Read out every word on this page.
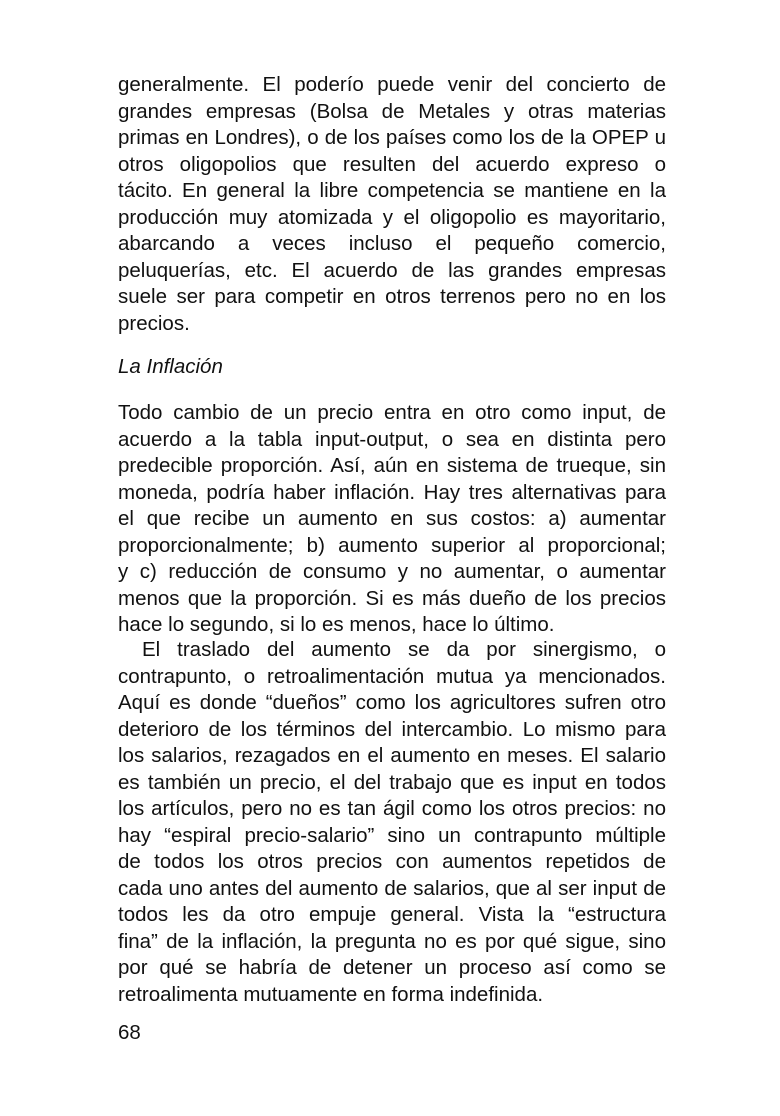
generalmente. El poderío puede venir del concierto de
grandes empresas (Bolsa de Metales y otras materias
primas en Londres), o de los países como los de la OPEP u
otros oligopolios que resulten del acuerdo expreso o
tácito. En general la libre competencia se mantiene en la
producción muy atomizada y el oligopolio es mayoritario,
abarcando a veces incluso el pequeño comercio,
peluquerías, etc. El acuerdo de las grandes empresas
suele ser para competir en otros terrenos pero no en los
precios.
La Inflación
Todo cambio de un precio entra en otro como input, de
acuerdo a la tabla input-output, o sea en distinta pero
predecible proporción. Así, aún en sistema de trueque, sin
moneda, podría haber inflación. Hay tres alternativas para
el que recibe un aumento en sus costos: a) aumentar
proporcionalmente; b) aumento superior al proporcional;
y c) reducción de consumo y no aumentar, o aumentar
menos que la proporción. Si es más dueño de los precios
hace lo segundo, si lo es menos, hace lo último.
El traslado del aumento se da por sinergismo, o
contrapunto, o retroalimentación mutua ya mencionados.
Aquí es donde “dueños” como los agricultores sufren otro
deterioro de los términos del intercambio. Lo mismo para
los salarios, rezagados en el aumento en meses. El salario
es también un precio, el del trabajo que es input en todos
los artículos, pero no es tan ágil como los otros precios: no
hay “espiral precio-salario” sino un contrapunto múltiple
de todos los otros precios con aumentos repetidos de
cada uno antes del aumento de salarios, que al ser input de
todos les da otro empuje general. Vista la “estructura
fina” de la inflación, la pregunta no es por qué sigue, sino
por qué se habría de detener un proceso así como se
retroalimenta mutuamente en forma indefinida.
68
